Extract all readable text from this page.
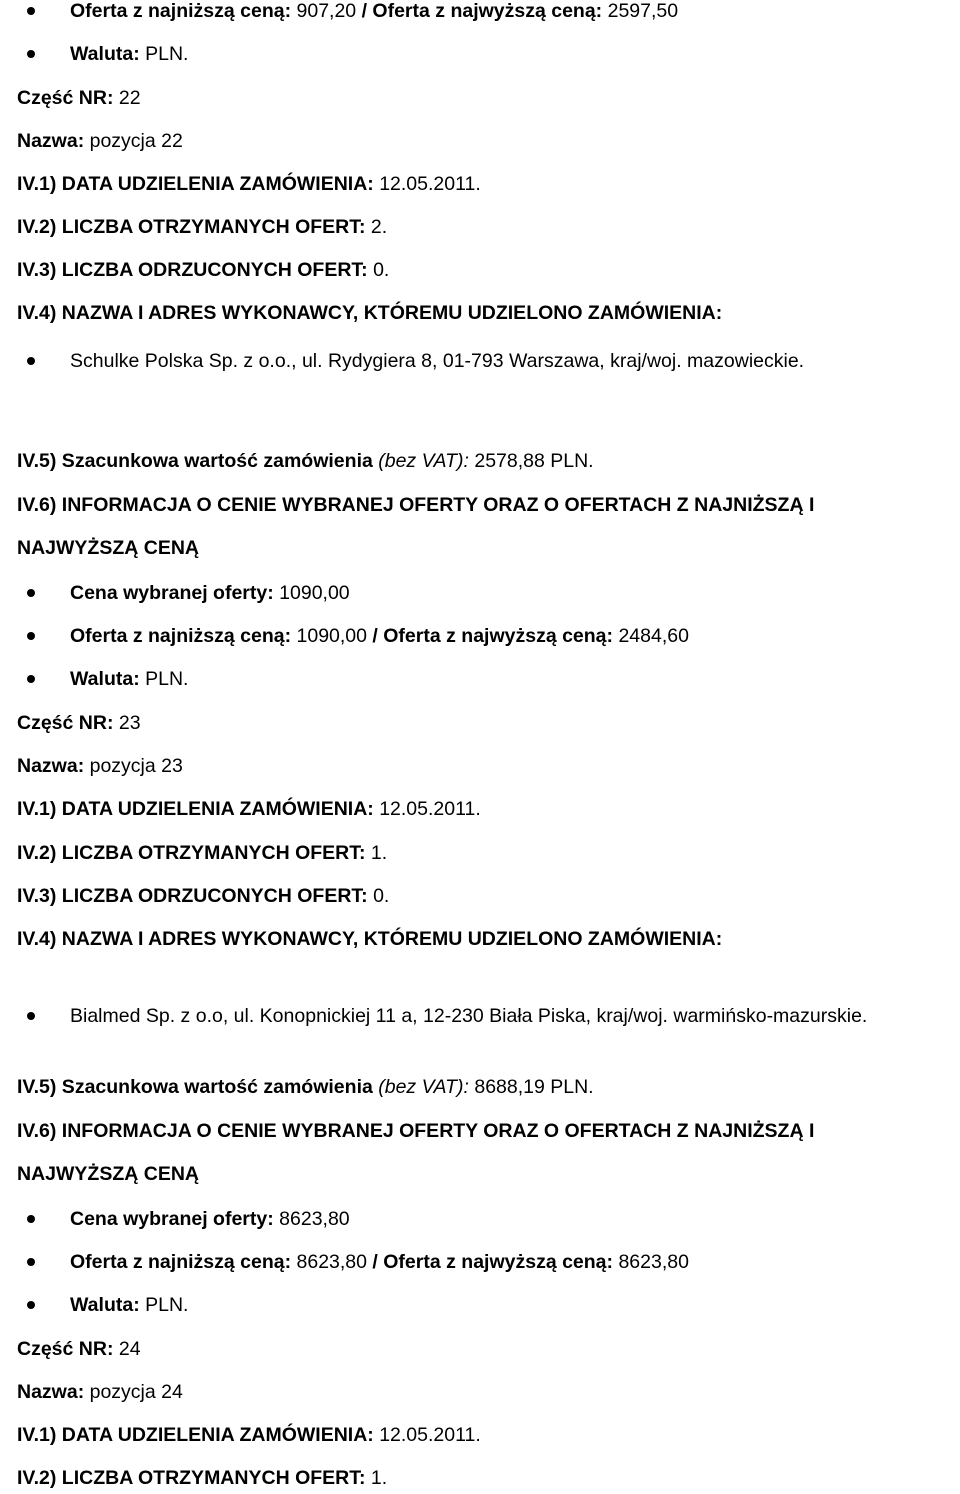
Oferta z najniższą ceną: 907,20 / Oferta z najwyższą ceną: 2597,50
Waluta: PLN.
Część NR: 22
Nazwa: pozycja 22
IV.1) DATA UDZIELENIA ZAMÓWIENIA: 12.05.2011.
IV.2) LICZBA OTRZYMANYCH OFERT: 2.
IV.3) LICZBA ODRZUCONYCH OFERT: 0.
IV.4) NAZWA I ADRES WYKONAWCY, KTÓREMU UDZIELONO ZAMÓWIENIA:
Schulke Polska Sp. z o.o., ul. Rydygiera 8, 01-793 Warszawa, kraj/woj. mazowieckie.
IV.5) Szacunkowa wartość zamówienia (bez VAT): 2578,88 PLN.
IV.6) INFORMACJA O CENIE WYBRANEJ OFERTY ORAZ O OFERTACH Z NAJNIŻSZĄ I
NAJWYŻSZĄ CENĄ
Cena wybranej oferty: 1090,00
Oferta z najniższą ceną: 1090,00 / Oferta z najwyższą ceną: 2484,60
Waluta: PLN.
Część NR: 23
Nazwa: pozycja 23
IV.1) DATA UDZIELENIA ZAMÓWIENIA: 12.05.2011.
IV.2) LICZBA OTRZYMANYCH OFERT: 1.
IV.3) LICZBA ODRZUCONYCH OFERT: 0.
IV.4) NAZWA I ADRES WYKONAWCY, KTÓREMU UDZIELONO ZAMÓWIENIA:
Bialmed Sp. z o.o, ul. Konopnickiej 11 a, 12-230 Biała Piska, kraj/woj. warmińsko-mazurskie.
IV.5) Szacunkowa wartość zamówienia (bez VAT): 8688,19 PLN.
IV.6) INFORMACJA O CENIE WYBRANEJ OFERTY ORAZ O OFERTACH Z NAJNIŻSZĄ I
NAJWYŻSZĄ CENĄ
Cena wybranej oferty: 8623,80
Oferta z najniższą ceną: 8623,80 / Oferta z najwyższą ceną: 8623,80
Waluta: PLN.
Część NR: 24
Nazwa: pozycja 24
IV.1) DATA UDZIELENIA ZAMÓWIENIA: 12.05.2011.
IV.2) LICZBA OTRZYMANYCH OFERT: 1.
